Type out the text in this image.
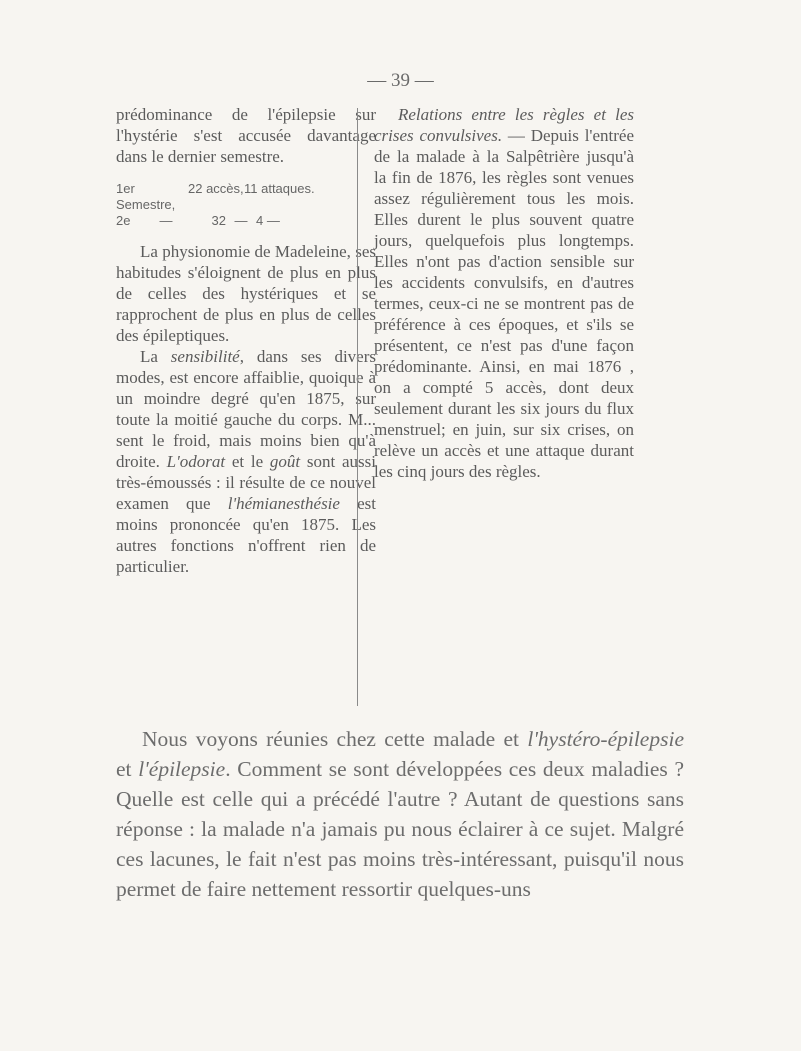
— 39 —

prédominance de l'épilepsie sur l'hystérie s'est accusée davantage dans le dernier semestre.

1er Semestre,
22 accès, 11 attaques.
2e	—	32 — 4 —

La physionomie de Madeleine, ses habitudes s'éloignent de plus en plus de celles des hystériques et se rapprochent de plus en plus de celles des épileptiques.

La sensibilité, dans ses divers modes, est encore affaiblie, quoique à un moindre degré qu'en 1875, sur toute la moitié gauche du corps. M... sent le froid, mais moins bien qu'à droite. L'odorat et le goût sont aussi très-émoussés : il résulte de ce nouvel examen que l'hémianesthésie est moins prononcée qu'en 1875. Les autres fonctions n'offrent rien de particulier.

Relations entre les règles et les crises convulsives. — Depuis l'entrée de la malade à la Salpêtrière jusqu'à la fin de 1876, les règles sont venues assez régulièrement tous les mois. Elles durent le plus souvent quatre jours, quelquefois plus longtemps. Elles n'ont pas d'action sensible sur les accidents convulsifs, en d'autres termes, ceux-ci ne se montrent pas de préférence à ces époques, et s'ils se présentent, ce n'est pas d'une façon prédominante. Ainsi, en mai 1876 , on a compté 5 accès, dont deux seulement durant les six jours du flux menstruel; en juin, sur six crises, on relève un accès et une attaque durant les cinq jours des règles.

Nous voyons réunies chez cette malade et l'hystéro-épilepsie et l'épilepsie. Comment se sont développées ces deux maladies ? Quelle est celle qui a précédé l'autre ? Autant de questions sans réponse : la malade n'a jamais pu nous éclairer à ce sujet. Malgré ces lacunes, le fait n'est pas moins très-intéressant, puisqu'il nous permet de faire nettement ressortir quelques-uns
